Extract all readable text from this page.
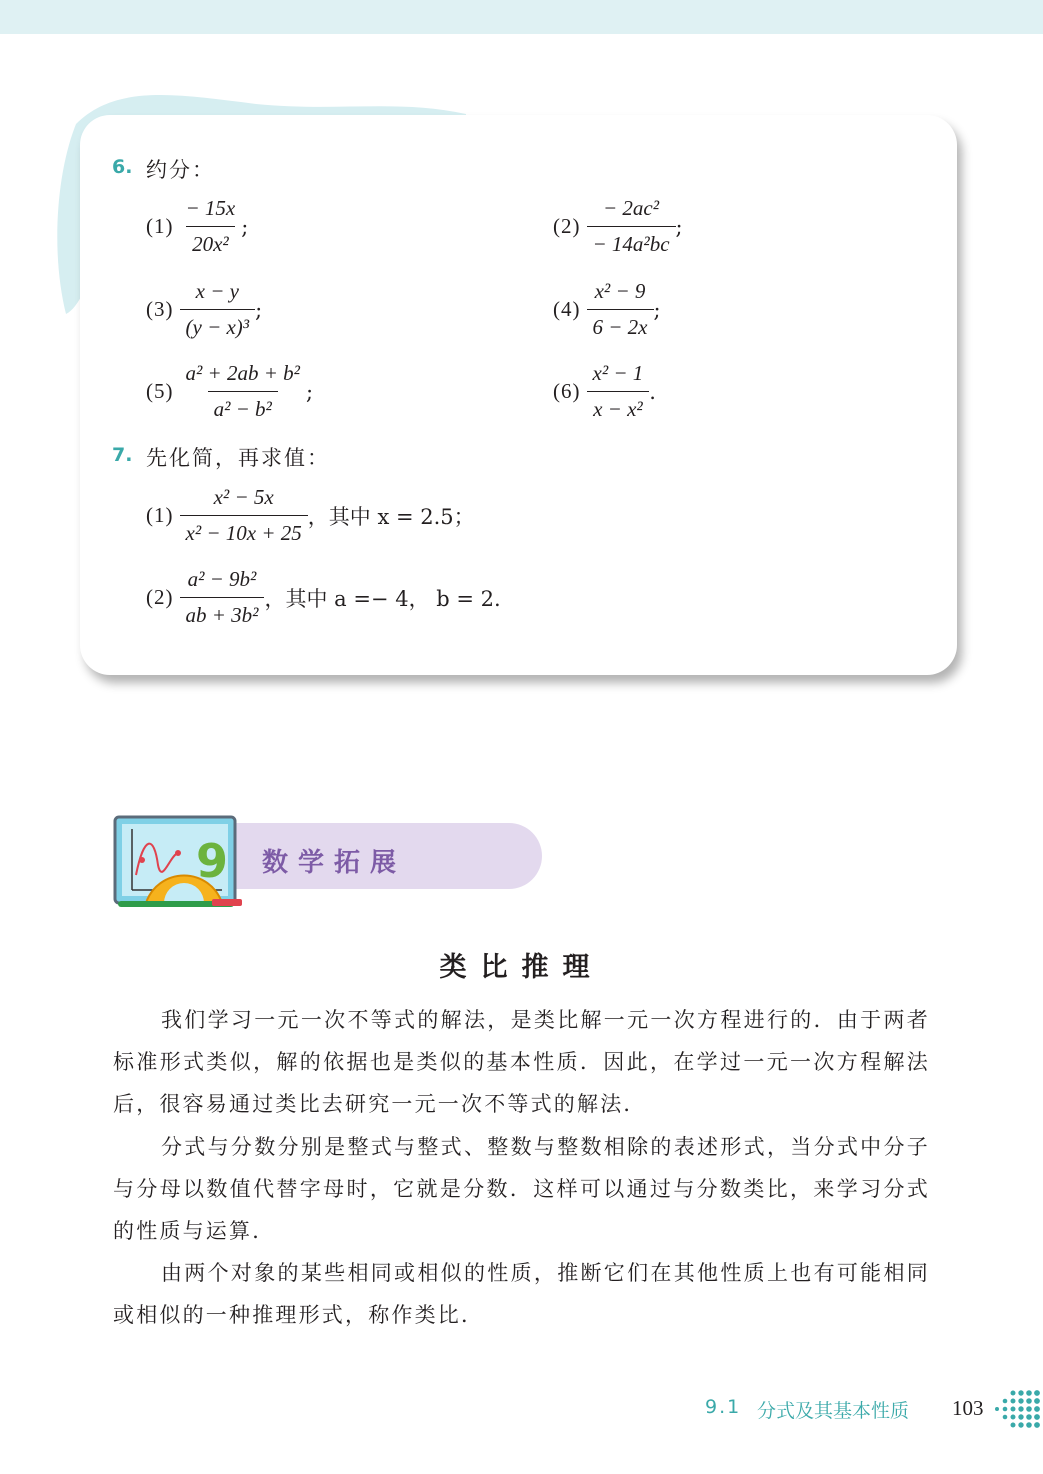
6. 约分：
$(1) \frac{- 15x}{\text{20x²}}$ ;	$(2) \frac{\text{− 2ac²}}{\text{− 14a²bc}}$ ;
$(3) \frac{x - y}{\text{(y − x)³}}$ ;	$(4) \frac{\text{x² − 9}}{6 - 2x}$ ;
$(5) \frac{\text{a² + 2ab + b²}}{\text{a² − b²}}$ ;	$(6) \frac{\text{x² − 1}}{\text{x − x²}}$ .
7. 先化简，再求值：
$(1) \frac{\text{x² − 5x}}{\text{x² − 10x + 25}}$ ，其中 x = 2.5；
$(2) \frac{\text{a² − 9b²}}{\text{ab + 3b²}}$ ，其中 a =− 4， b = 2.
9 数学拓展
类比推理

我们学习一元一次不等式的解法，是类比解一元一次方程进行的．由于两者标准形式类似，解的依据也是类似的基本性质．因此，在学过一元一次方程解法后，很容易通过类比去研究一元一次不等式的解法．

分式与分数分别是整式与整式、整数与整数相除的表述形式，当分式中分子与分母以数值代替字母时，它就是分数．这样可以通过与分数类比，来学习分式的性质与运算．

由两个对象的某些相同或相似的性质，推断它们在其他性质上也有可能相同或相似的一种推理形式，称作类比．

9.1 分式及其基本性质 103
